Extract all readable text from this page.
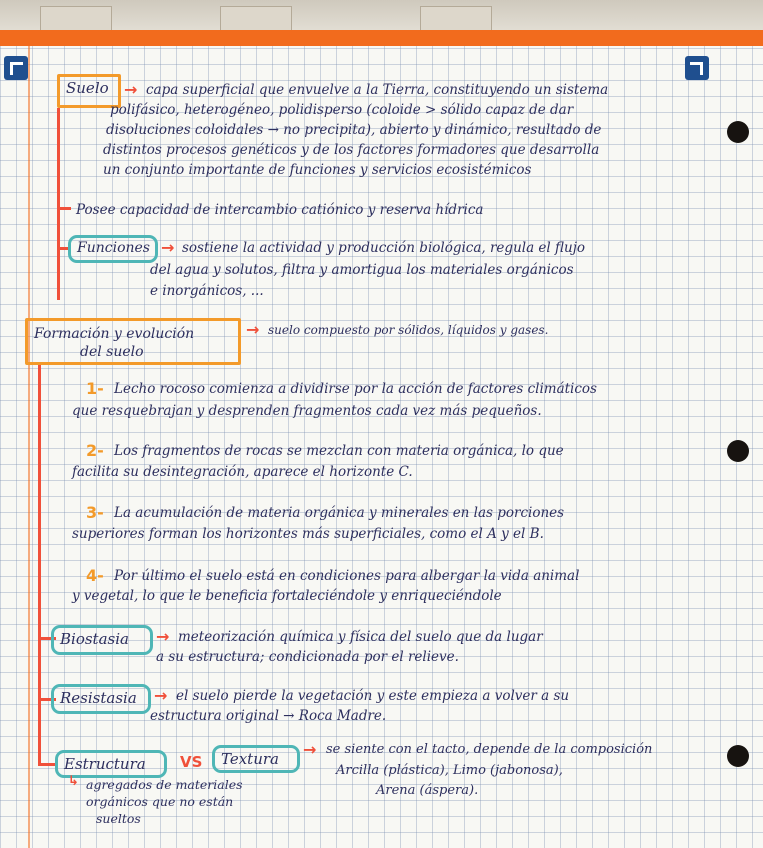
Suelo → capa superficial que envuelve a la Tierra, constituyendo un sistema

polifásico, heterogéneo, polidisperso (coloide > sólido capaz de dar

disoluciones coloidales → no precipita), abierto y dinámico, resultado de

distintos procesos genéticos y de los factores formadores que desarrolla

un conjunto importante de funciones y servicios ecosistémicos

Posee capacidad de intercambio catiónico y reserva hídrica

Funciones → sostiene la actividad y producción biológica, regula el flujo

del agua y solutos, filtra y amortigua los materiales orgánicos

e inorgánicos, ...

Formación y evolución
del suelo
→ suelo compuesto por sólidos, líquidos y gases.

1- Lecho rocoso comienza a dividirse por la acción de factores climáticos

que resquebrajan y desprenden fragmentos cada vez más pequeños.

2- Los fragmentos de rocas se mezclan con materia orgánica, lo que

facilita su desintegración, aparece el horizonte C.

3- La acumulación de materia orgánica y minerales en las porciones

superiores forman los horizontes más superficiales, como el A y el B.

4- Por último el suelo está en condiciones para albergar la vida animal

y vegetal, lo que le beneficia fortaleciéndole y enriqueciéndole

Biostasia	→ meteorización química y física del suelo que da lugar

a su estructura; condicionada por el relieve.

Resistasia	→ el suelo pierde la vegetación y este empieza a volver a su

estructura original → Roca Madre.

Estructura	VS	Textura	→ se siente con el tacto, depende de la composición

Arcilla (plástica), Limo (jabonosa),

Arena (áspera).

↳ agregados de materiales

orgánicos que no están

sueltos
